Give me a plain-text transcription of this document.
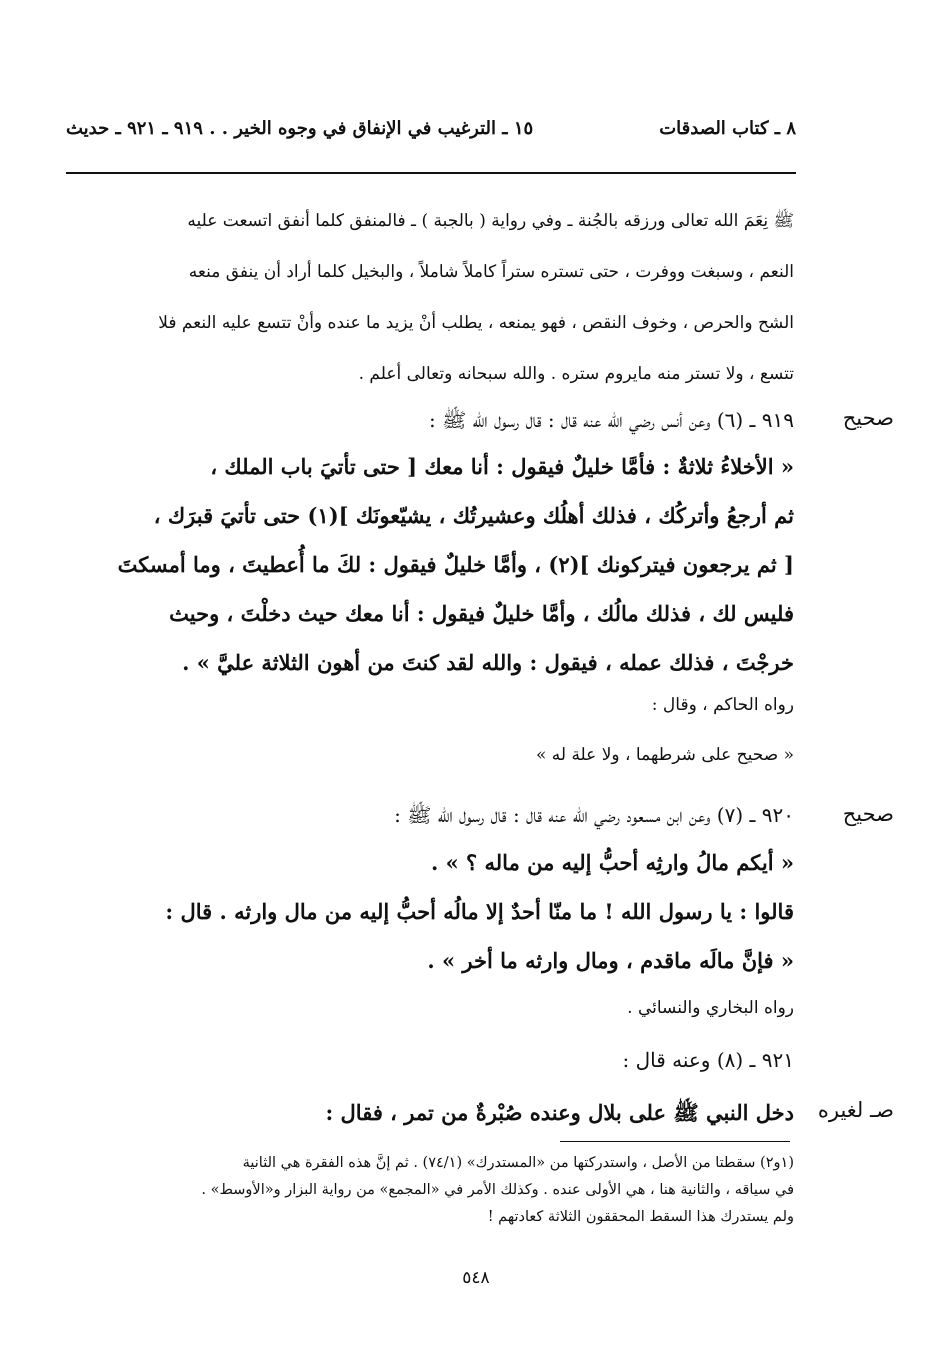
٨ ـ كتاب الصدقات
١٥ ـ الترغيب في الإنفاق في وجوه الخير . . ٩١٩ ـ ٩٢١ ـ حديث
ﷺ نِعَمَ الله تعالى ورزقه بالجُنة ـ وفي رواية ( بالجبة ) ـ فالمنفق كلما أنفق اتسعت عليه
النعم ، وسبغت ووفرت ، حتى تستره ستراً كاملاً شاملاً ، والبخيل كلما أراد أن ينفق منعه
الشح والحرص ، وخوف النقص ، فهو يمنعه ، يطلب أنْ يزيد ما عنده وأنْ تتسع عليه النعم فلا
تتسع ، ولا تستر منه مايروم ستره . والله سبحانه وتعالى أعلم .
صحيح
٩١٩ ـ (٦) وعن أنس رضي الله عنه قال : قال رسول الله ﷺ :
« الأخلاءُ ثلاثةٌ : فأمَّا خليلٌ فيقول : أنا معك [ حتى تأتيَ باب الملك ،
ثم أرجعُ وأتركُك ، فذلك أهلُك وعشيرتُك ، يشيّعونَك ](١) حتى تأتيَ قبرَك ،
[ ثم يرجعون فيتركونك ](٢) ، وأمَّا خليلٌ فيقول : لكَ ما أُعطيتَ ، وما أمسكتَ
فليس لك ، فذلك مالُك ، وأمَّا خليلٌ فيقول : أنا معك حيث دخلْتَ ، وحيث
خرجْتَ ، فذلك عمله ، فيقول : والله لقد كنتَ من أهون الثلاثة عليَّ » .
رواه الحاكم ، وقال :
« صحيح على شرطهما ، ولا علة له »
صحيح
٩٢٠ ـ (٧) وعن ابن مسعود رضي الله عنه قال : قال رسول الله ﷺ :
« أيكم مالُ وارثِه أحبُّ إليه من ماله ؟ » .
قالوا : يا رسول الله ! ما منّا أحدٌ إلا مالُه أحبُّ إليه من مال وارثه . قال :
« فإنَّ مالَه ماقدم ، ومال وارثه ما أخر » .
رواه البخاري والنسائي .
صـ لغيره
٩٢١ ـ (٨) وعنه قال :
دخل النبي ﷺ على بلال وعنده صُبْرةٌ من تمر ، فقال :
(١و٢) سقطتا من الأصل ، واستدركتها من «المستدرك» (٧٤/١) . ثم إنَّ هذه الفقرة هي الثانية
في سياقه ، والثانية هنا ، هي الأولى عنده . وكذلك الأمر في «المجمع» من رواية البزار و«الأوسط» .
ولم يستدرك هذا السقط المحققون الثلاثة كعادتهم !
٥٤٨
